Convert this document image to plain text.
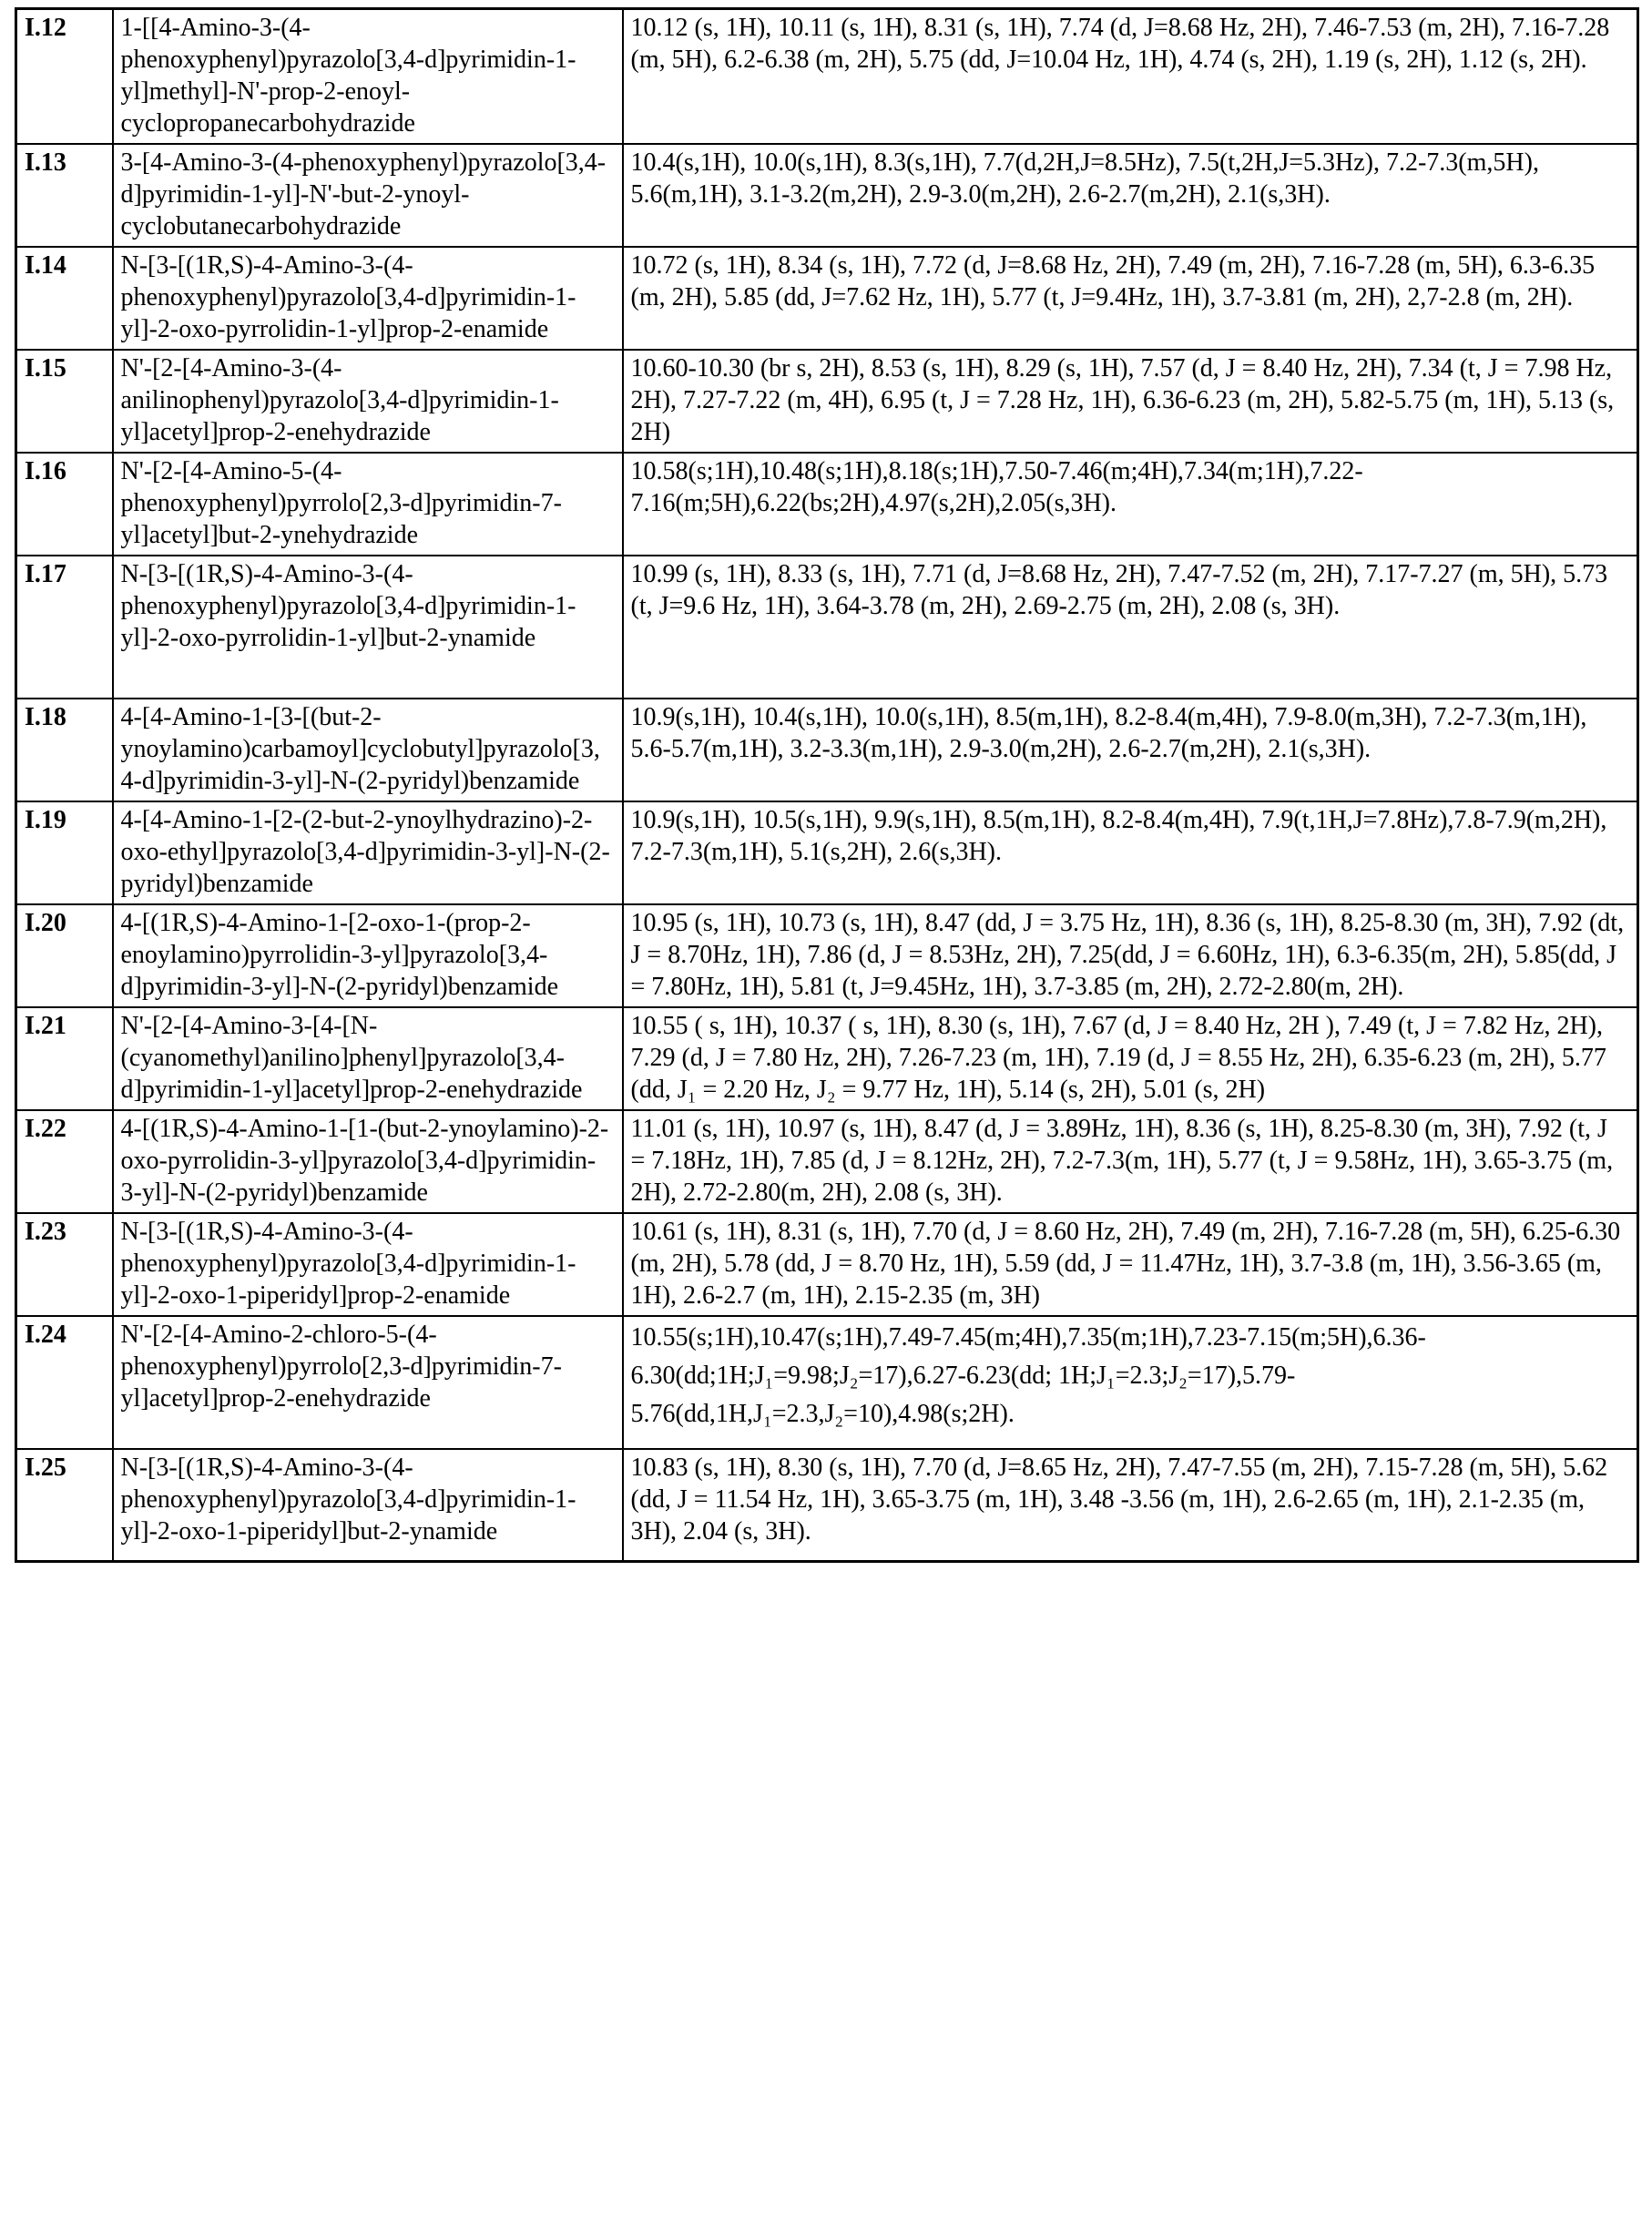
I.12	1-[[4-Amino-3-(4-phenoxyphenyl)pyrazolo[3,4-d]pyrimidin-1-yl]methyl]-N'-prop-2-enoyl-cyclopropanecarbohydrazide	10.12 (s, 1H), 10.11 (s, 1H), 8.31 (s, 1H), 7.74 (d, J=8.68 Hz, 2H), 7.46-7.53 (m, 2H), 7.16-7.28 (m, 5H), 6.2-6.38 (m, 2H), 5.75 (dd, J=10.04 Hz, 1H), 4.74 (s, 2H), 1.19 (s, 2H), 1.12 (s, 2H).
I.13	3-[4-Amino-3-(4-phenoxyphenyl)pyrazolo[3,4-d]pyrimidin-1-yl]-N'-but-2-ynoyl-cyclobutanecarbohydrazide	10.4(s,1H), 10.0(s,1H), 8.3(s,1H), 7.7(d,2H,J=8.5Hz), 7.5(t,2H,J=5.3Hz), 7.2-7.3(m,5H), 5.6(m,1H), 3.1-3.2(m,2H), 2.9-3.0(m,2H), 2.6-2.7(m,2H), 2.1(s,3H).
I.14	N-[3-[(1R,S)-4-Amino-3-(4-phenoxyphenyl)pyrazolo[3,4-d]pyrimidin-1-yl]-2-oxo-pyrrolidin-1-yl]prop-2-enamide	10.72 (s, 1H), 8.34 (s, 1H), 7.72 (d, J=8.68 Hz, 2H), 7.49 (m, 2H), 7.16-7.28 (m, 5H), 6.3-6.35 (m, 2H), 5.85 (dd, J=7.62 Hz, 1H), 5.77 (t, J=9.4Hz, 1H), 3.7-3.81 (m, 2H), 2,7-2.8 (m, 2H).
I.15	N'-[2-[4-Amino-3-(4-anilinophenyl)pyrazolo[3,4-d]pyrimidin-1-yl]acetyl]prop-2-enehydrazide	10.60-10.30 (br s, 2H), 8.53 (s, 1H), 8.29 (s, 1H), 7.57 (d, J = 8.40 Hz, 2H), 7.34 (t, J = 7.98 Hz, 2H), 7.27-7.22 (m, 4H), 6.95 (t, J = 7.28 Hz, 1H), 6.36-6.23 (m, 2H), 5.82-5.75 (m, 1H), 5.13 (s, 2H)
I.16	N'-[2-[4-Amino-5-(4-phenoxyphenyl)pyrrolo[2,3-d]pyrimidin-7-yl]acetyl]but-2-ynehydrazide	10.58(s;1H),10.48(s;1H),8.18(s;1H),7.50-7.46(m;4H),7.34(m;1H),7.22-7.16(m;5H),6.22(bs;2H),4.97(s,2H),2.05(s,3H).
I.17	N-[3-[(1R,S)-4-Amino-3-(4-phenoxyphenyl)pyrazolo[3,4-d]pyrimidin-1-yl]-2-oxo-pyrrolidin-1-yl]but-2-ynamide	10.99 (s, 1H), 8.33 (s, 1H), 7.71 (d, J=8.68 Hz, 2H), 7.47-7.52 (m, 2H), 7.17-7.27 (m, 5H), 5.73 (t, J=9.6 Hz, 1H), 3.64-3.78 (m, 2H), 2.69-2.75 (m, 2H), 2.08 (s, 3H).
I.18	4-[4-Amino-1-[3-[(but-2-ynoylamino)carbamoyl]cyclobutyl]pyrazolo[3,4-d]pyrimidin-3-yl]-N-(2-pyridyl)benzamide	10.9(s,1H), 10.4(s,1H), 10.0(s,1H), 8.5(m,1H), 8.2-8.4(m,4H), 7.9-8.0(m,3H), 7.2-7.3(m,1H), 5.6-5.7(m,1H), 3.2-3.3(m,1H), 2.9-3.0(m,2H), 2.6-2.7(m,2H), 2.1(s,3H).
I.19	4-[4-Amino-1-[2-(2-but-2-ynoylhydrazino)-2-oxo-ethyl]pyrazolo[3,4-d]pyrimidin-3-yl]-N-(2-pyridyl)benzamide	10.9(s,1H), 10.5(s,1H), 9.9(s,1H), 8.5(m,1H), 8.2-8.4(m,4H), 7.9(t,1H,J=7.8Hz),7.8-7.9(m,2H), 7.2-7.3(m,1H), 5.1(s,2H), 2.6(s,3H).
I.20	4-[(1R,S)-4-Amino-1-[2-oxo-1-(prop-2-enoylamino)pyrrolidin-3-yl]pyrazolo[3,4-d]pyrimidin-3-yl]-N-(2-pyridyl)benzamide	10.95 (s, 1H), 10.73 (s, 1H), 8.47 (dd, J = 3.75 Hz, 1H), 8.36 (s, 1H), 8.25-8.30 (m, 3H), 7.92 (dt, J = 8.70Hz, 1H), 7.86 (d, J = 8.53Hz, 2H), 7.25(dd, J = 6.60Hz, 1H), 6.3-6.35(m, 2H), 5.85(dd, J = 7.80Hz, 1H), 5.81 (t, J=9.45Hz, 1H), 3.7-3.85 (m, 2H), 2.72-2.80(m, 2H).
I.21	N'-[2-[4-Amino-3-[4-[N-(cyanomethyl)anilino]phenyl]pyrazolo[3,4-d]pyrimidin-1-yl]acetyl]prop-2-enehydrazide	10.55 ( s, 1H), 10.37 ( s, 1H), 8.30 (s, 1H), 7.67 (d, J = 8.40 Hz, 2H ), 7.49 (t, J = 7.82 Hz, 2H), 7.29 (d, J = 7.80 Hz, 2H), 7.26-7.23 (m, 1H), 7.19 (d, J = 8.55 Hz, 2H), 6.35-6.23 (m, 2H), 5.77 (dd, J₁ = 2.20 Hz, J₂ = 9.77 Hz, 1H), 5.14 (s, 2H), 5.01 (s, 2H)
I.22	4-[(1R,S)-4-Amino-1-[1-(but-2-ynoylamino)-2-oxo-pyrrolidin-3-yl]pyrazolo[3,4-d]pyrimidin-3-yl]-N-(2-pyridyl)benzamide	11.01 (s, 1H), 10.97 (s, 1H), 8.47 (d, J = 3.89Hz, 1H), 8.36 (s, 1H), 8.25-8.30 (m, 3H), 7.92 (t, J = 7.18Hz, 1H), 7.85 (d, J = 8.12Hz, 2H), 7.2-7.3(m, 1H), 5.77 (t, J = 9.58Hz, 1H), 3.65-3.75 (m, 2H), 2.72-2.80(m, 2H), 2.08 (s, 3H).
I.23	N-[3-[(1R,S)-4-Amino-3-(4-phenoxyphenyl)pyrazolo[3,4-d]pyrimidin-1-yl]-2-oxo-1-piperidyl]prop-2-enamide	10.61 (s, 1H), 8.31 (s, 1H), 7.70 (d, J = 8.60 Hz, 2H), 7.49 (m, 2H), 7.16-7.28 (m, 5H), 6.25-6.30 (m, 2H), 5.78 (dd, J = 8.70 Hz, 1H), 5.59 (dd, J = 11.47Hz, 1H), 3.7-3.8 (m, 1H), 3.56-3.65 (m, 1H), 2.6-2.7 (m, 1H), 2.15-2.35 (m, 3H)
I.24	N'-[2-[4-Amino-2-chloro-5-(4-phenoxyphenyl)pyrrolo[2,3-d]pyrimidin-7-yl]acetyl]prop-2-enehydrazide	10.55(s;1H),10.47(s;1H),7.49-7.45(m;4H),7.35(m;1H),7.23-7.15(m;5H),6.36-6.30(dd;1H;J₁=9.98;J₂=17),6.27-6.23(dd; 1H;J₁=2.3;J₂=17),5.79-5.76(dd,1H,J₁=2.3,J₂=10),4.98(s;2H).
I.25	N-[3-[(1R,S)-4-Amino-3-(4-phenoxyphenyl)pyrazolo[3,4-d]pyrimidin-1-yl]-2-oxo-1-piperidyl]but-2-ynamide	10.83 (s, 1H), 8.30 (s, 1H), 7.70 (d, J=8.65 Hz, 2H), 7.47-7.55 (m, 2H), 7.15-7.28 (m, 5H), 5.62 (dd, J = 11.54 Hz, 1H), 3.65-3.75 (m, 1H), 3.48 -3.56 (m, 1H), 2.6-2.65 (m, 1H), 2.1-2.35 (m, 3H), 2.04 (s, 3H).
